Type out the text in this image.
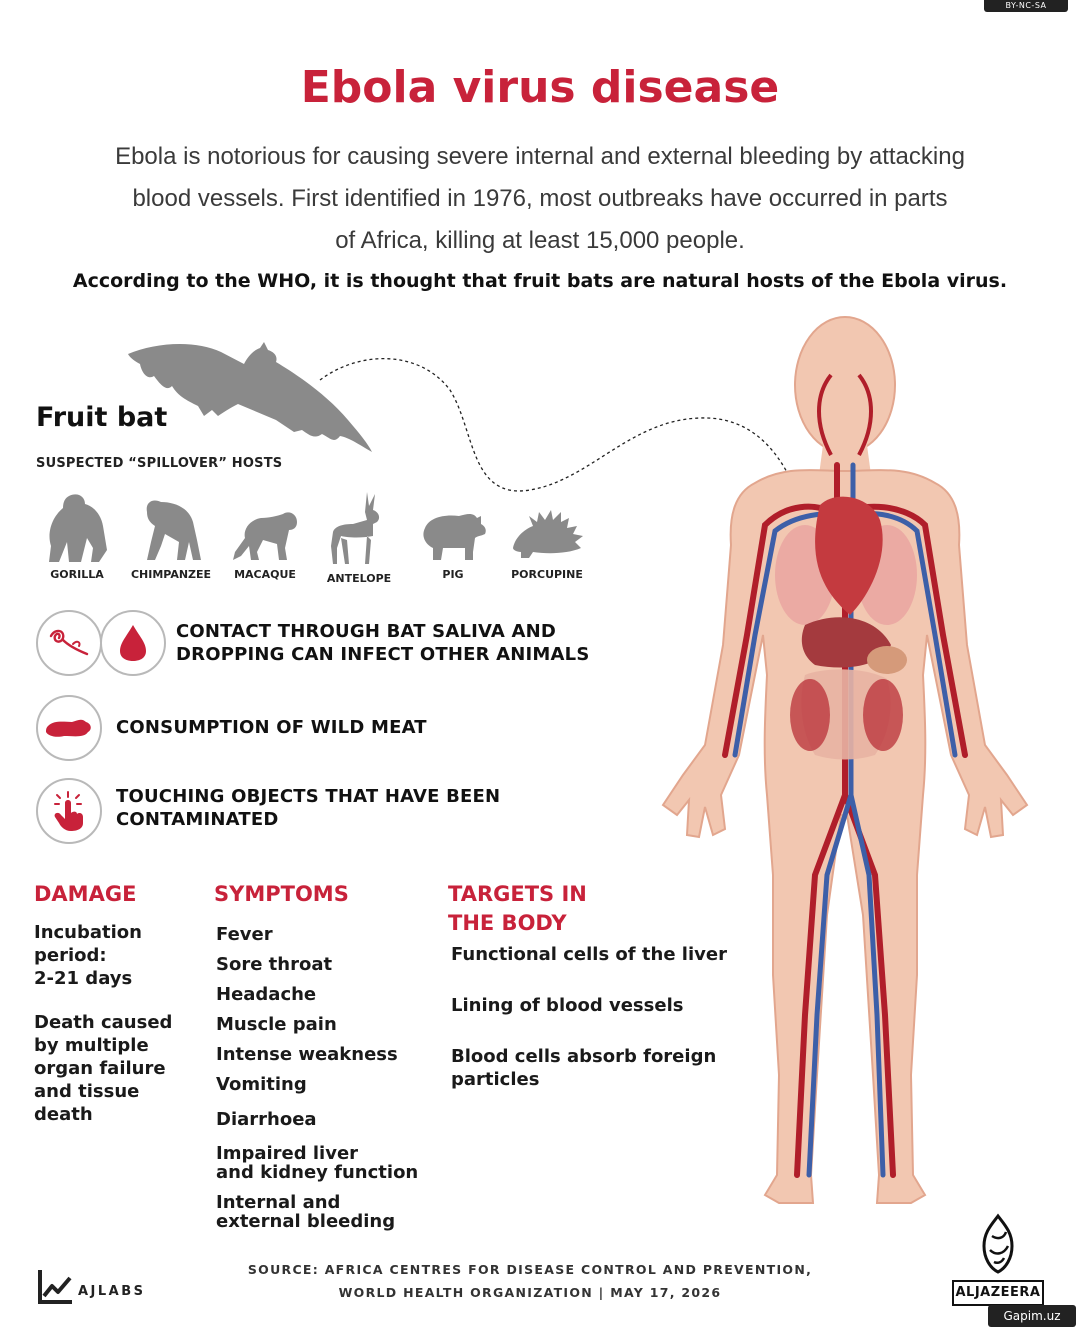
BY-NC-SA
Ebola virus disease
Ebola is notorious for causing severe internal and external bleeding by attacking
blood vessels. First identified in 1976, most outbreaks have occurred in parts
of Africa, killing at least 15,000 people.
According to the WHO, it is thought that fruit bats are natural hosts of the Ebola virus.
Fruit bat
SUSPECTED “SPILLOVER” HOSTS
GORILLA	CHIMPANZEE	MACAQUE	ANTELOPE	PIG	PORCUPINE
CONTACT THROUGH BAT SALIVA AND
DROPPING CAN INFECT OTHER ANIMALS
CONSUMPTION OF WILD MEAT
TOUCHING OBJECTS THAT HAVE BEEN
CONTAMINATED
DAMAGE
Incubation
period:
2-21 days
Death caused
by multiple
organ failure
and tissue
death
SYMPTOMS
Fever
Sore throat
Headache
Muscle pain
Intense weakness
Vomiting
Diarrhoea
Impaired liver
and kidney function
Internal and
external bleeding
TARGETS IN
THE BODY
Functional cells of the liver
Lining of blood vessels
Blood cells absorb foreign
particles
SOURCE: AFRICA CENTRES FOR DISEASE CONTROL AND PREVENTION,
WORLD HEALTH ORGANIZATION | MAY 17, 2026
AJLABS	ALJAZEERA
Gapim.uz
